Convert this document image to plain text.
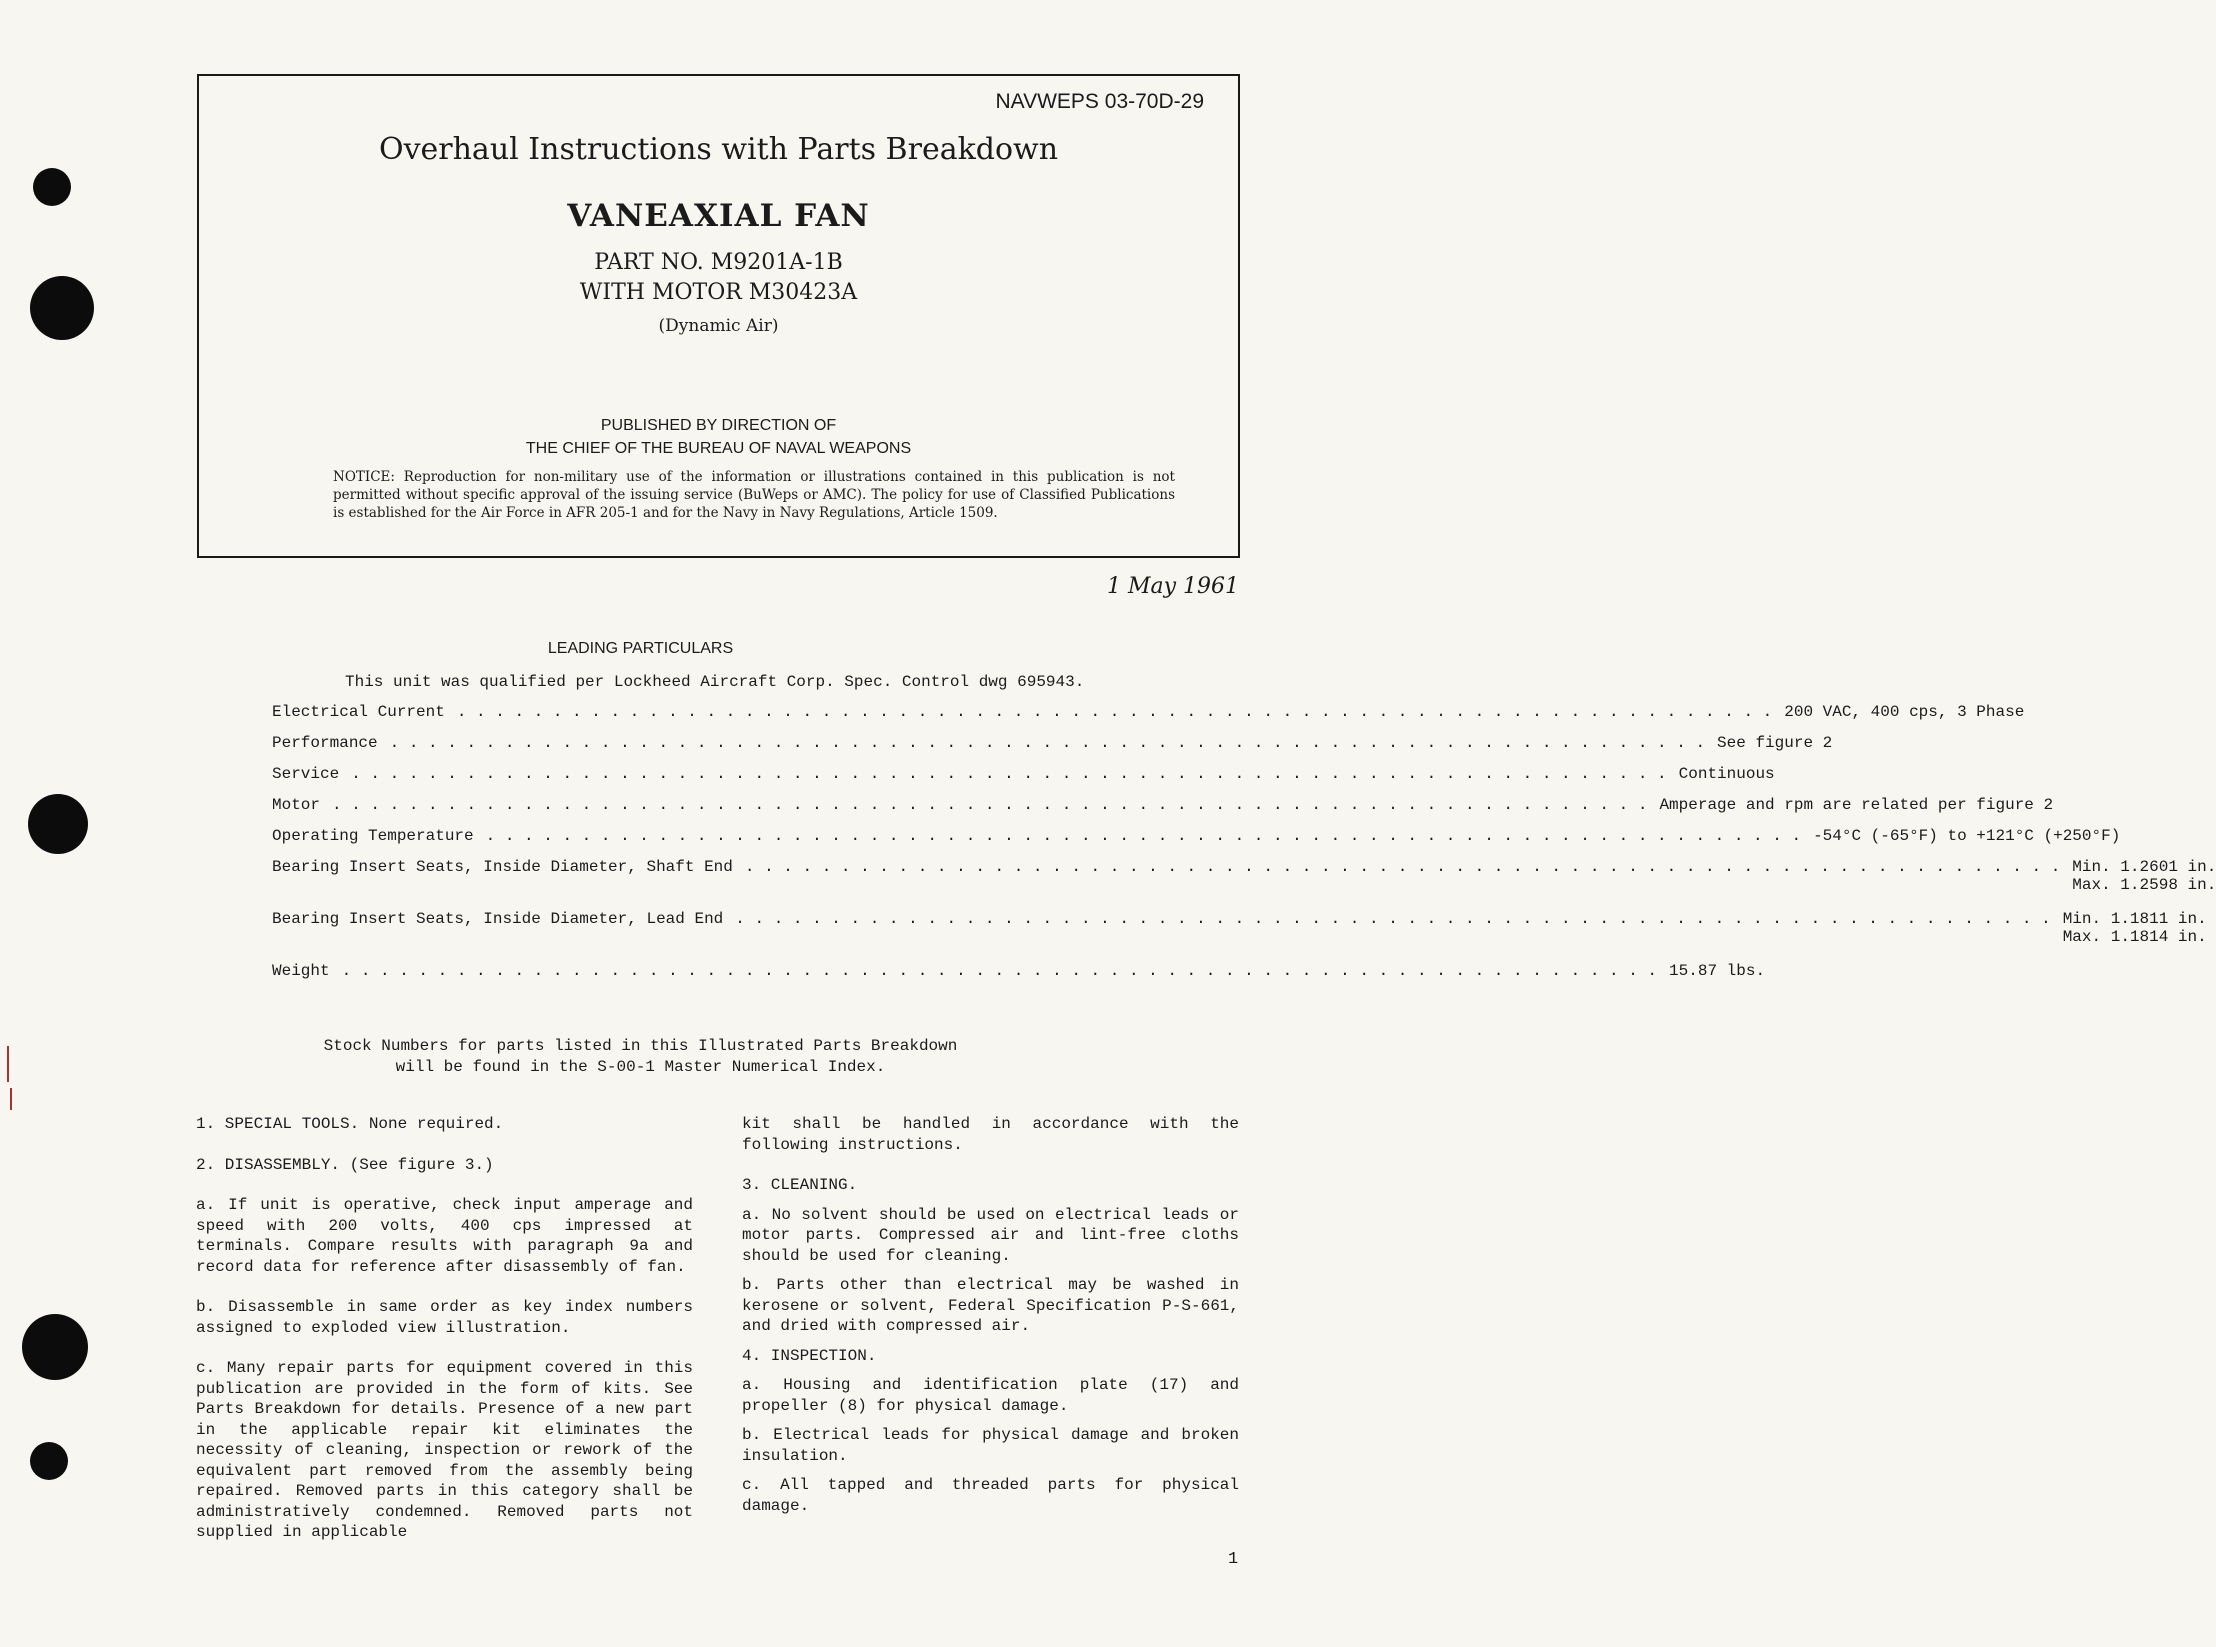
NAVWEPS 03-70D-29
Overhaul Instructions with Parts Breakdown
VANEAXIAL FAN
PART NO. M9201A-1B
WITH MOTOR M30423A
(Dynamic Air)
PUBLISHED BY DIRECTION OF
THE CHIEF OF THE BUREAU OF NAVAL WEAPONS
NOTICE: Reproduction for non-military use of the information or illustrations contained in this publication is not permitted without specific approval of the issuing service (BuWeps or AMC). The policy for use of Classified Publications is established for the Air Force in AFR 205-1 and for the Navy in Navy Regulations, Article 1509.
1 May 1961
LEADING PARTICULARS
This unit was qualified per Lockheed Aircraft Corp. Spec. Control dwg 695943.
Electrical Current . . . . . . . . . . . . . . . . . . . . . . . . . . . . . . . . . . . . . . . . . . . . . . . . . . . . . . . . . . . . . . . . . . . . . 200 VAC, 400 cps, 3 Phase
Performance . . . . . . . . . . . . . . . . . . . . . . . . . . . . . . . . . . . . . . . . . . . . . . . . . . . . . . . . . . . . . . . . . . . . . See figure 2
Service . . . . . . . . . . . . . . . . . . . . . . . . . . . . . . . . . . . . . . . . . . . . . . . . . . . . . . . . . . . . . . . . . . . . . Continuous
Motor . . . . . . . . . . . . . . . . . . . . . . . . . . . . . . . . . . . . . . . . . . . . . . . . . . . . . . . . . . . . . . . . . . . . . Amperage and rpm are related per figure 2
Operating Temperature . . . . . . . . . . . . . . . . . . . . . . . . . . . . . . . . . . . . . . . . . . . . . . . . . . . . . . . . . . . . . . . . . . . . . -54°C (-65°F) to +121°C (+250°F)
Bearing Insert Seats, Inside Diameter, Shaft End . . . . . . . . . . . . . . . . . . . . . . . . . . . . . . . . . . . . . . . . . . . . . . . . . . . . . . . . . . . . . . . . . . . . . Min. 1.2601 in.
Max. 1.2598 in.
Bearing Insert Seats, Inside Diameter, Lead End . . . . . . . . . . . . . . . . . . . . . . . . . . . . . . . . . . . . . . . . . . . . . . . . . . . . . . . . . . . . . . . . . . . . . Min. 1.1811 in.
Max. 1.1814 in.
Weight . . . . . . . . . . . . . . . . . . . . . . . . . . . . . . . . . . . . . . . . . . . . . . . . . . . . . . . . . . . . . . . . . . . . . 15.87 lbs.
Stock Numbers for parts listed in this Illustrated Parts Breakdown
will be found in the S-00-1 Master Numerical Index.

1. SPECIAL TOOLS. None required.

2. DISASSEMBLY. (See figure 3.)

a. If unit is operative, check input amperage and speed with 200 volts, 400 cps impressed at terminals. Compare results with paragraph 9a and record data for reference after disassembly of fan.

b. Disassemble in same order as key index numbers assigned to exploded view illustration.

c. Many repair parts for equipment covered in this publication are provided in the form of kits. See Parts Breakdown for details. Presence of a new part in the applicable repair kit eliminates the necessity of cleaning, inspection or rework of the equivalent part removed from the assembly being repaired. Removed parts in this category shall be administratively condemned. Removed parts not supplied in applicable

kit shall be handled in accordance with the following instructions.

3. CLEANING.

a. No solvent should be used on electrical leads or motor parts. Compressed air and lint-free cloths should be used for cleaning.

b. Parts other than electrical may be washed in kerosene or solvent, Federal Specification P-S-661, and dried with compressed air.

4. INSPECTION.

a. Housing and identification plate (17) and propeller (8) for physical damage.

b. Electrical leads for physical damage and broken insulation.

c. All tapped and threaded parts for physical damage.

1
